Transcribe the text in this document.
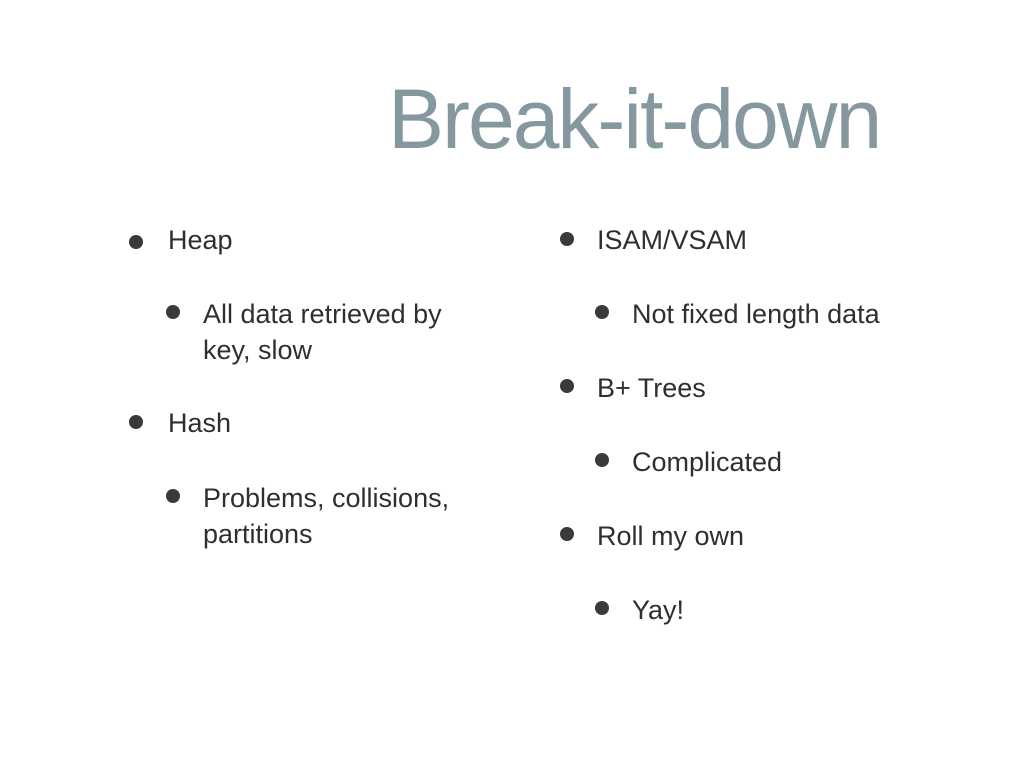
Break-it-down
Heap
All data retrieved by
key, slow
Hash
Problems, collisions,
partitions
ISAM/VSAM
Not fixed length data
B+ Trees
Complicated
Roll my own
Yay!
